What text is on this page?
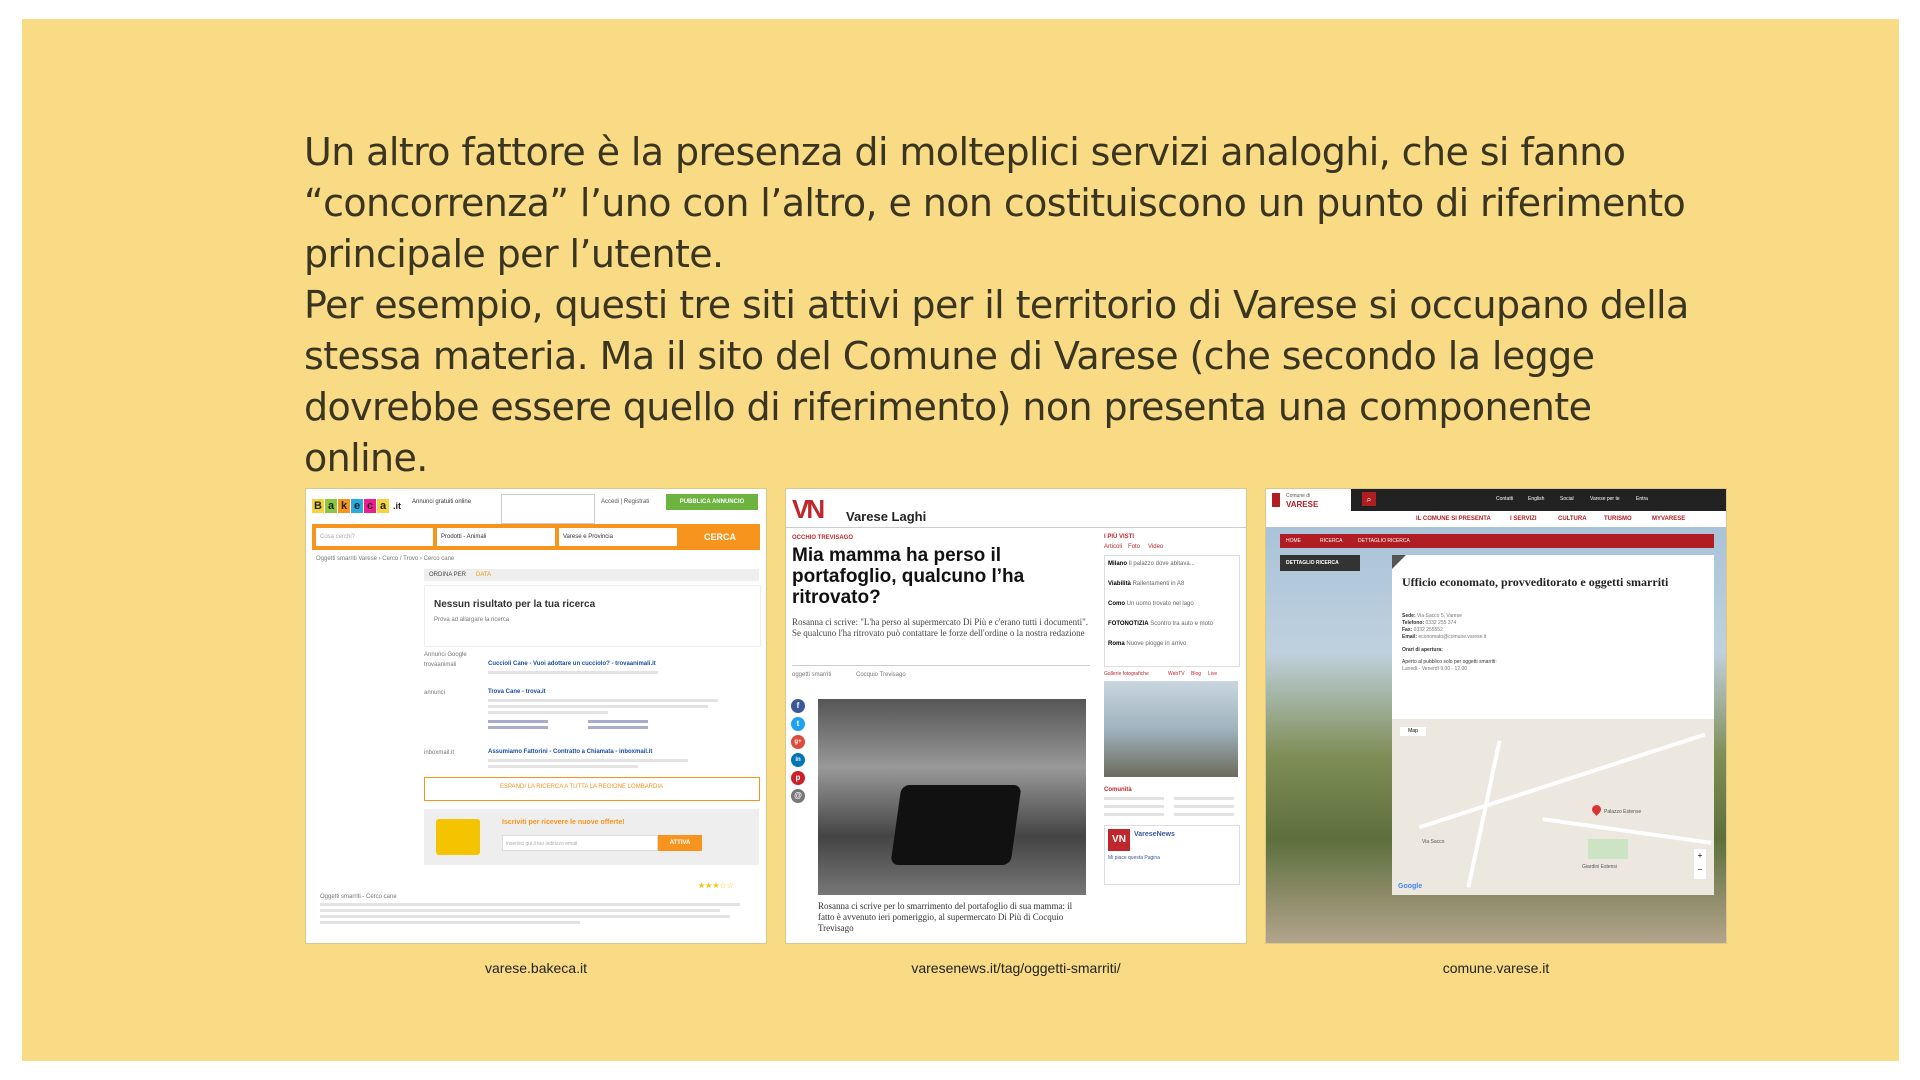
Un altro fattore è la presenza di molteplici servizi analoghi, che si fanno “concorrenza” l’uno con l’altro, e non costituiscono un punto di riferimento principale per l’utente.

Per esempio, questi tre siti attivi per il territorio di Varese si occupano della stessa materia. Ma il sito del Comune di Varese (che secondo la legge dovrebbe essere quello di riferimento) non presenta una componente online.

B a k e c a .it	Annunci gratuiti online	Accedi | Registrati	PUBBLICA ANNUNCIO
Cosa cerchi?	Prodotti - Animali	Varese e Provincia	CERCA
Oggetti smarriti Varese › Cerco / Trovo › Cerco cane
ORDINA PER DATA
Nessun risultato per la tua ricerca
Prova ad allargare la ricerca
Annunci Google
trovaanimali	Cuccioli Cane - Vuoi adottare un cucciolo? - trovaanimali.it
annunci	Trova Cane - trova.it
inboxmail.it	Assumiamo Fattorini - Contratto a Chiamata - inboxmail.it
ESPANDI LA RICERCA A TUTTA LA REGIONE LOMBARDIA
Iscriviti per ricevere le nuove offerte!
inserisci qui il tuo indirizzo email	ATTIVA
★★★☆☆
Oggetti smarriti - Cerco cane
varese.bakeca.it
VN Varese Laghi
OCCHIO TREVISAGO
Mia mamma ha perso il portafoglio, qualcuno l’ha ritrovato?
Rosanna ci scrive: "L'ha perso al supermercato Di Più e c'erano tutti i documenti". Se qualcuno l'ha ritrovato può contattare le forze dell'ordine o la nostra redazione
oggetti smarriti	Cocquio Trevisago
f
t
g+
in
p
@
Rosanna ci scrive per lo smarrimento del portafoglio di sua mamma: il fatto è avvenuto ieri pomeriggio, al supermercato Di Più di Cocquio Trevisago
I PIÙ VISTI
Articoli Foto Video
Milano Il palazzo dove abitava...
Viabilità Rallentamenti in A8
Como Un uomo trovato nel lago
FOTONOTIZIA Scontro tra auto e moto
Roma Nuove piogge in arrivo
Gallerie fotografiche	WebTV Blog Live
Comunità
VN	VareseNews
Mi piace questa Pagina
varesenews.it/tag/oggetti-smarriti/
Comune di
VARESE
⌕	Contatti	English	Social	Varese per te	Entra
IL COMUNE SI PRESENTA	I SERVIZI	CULTURA	TURISMO	MYVARESE
HOME	RICERCA	DETTAGLIO RICERCA
DETTAGLIO RICERCA
Ufficio economato, provveditorato e oggetti smarriti
Sede: Via Sacco 5, Varese
Telefono: 0332 255 374
Fax: 0332 255552
Email: economato@comune.varese.it
Orari di apertura:
Aperto al pubblico solo per oggetti smarriti:
Lunedì - Venerdì 9.00 - 12.00
Map
Palazzo Estense
Giardini Estensi
Via Sacco
Google
+
−
comune.varese.it
